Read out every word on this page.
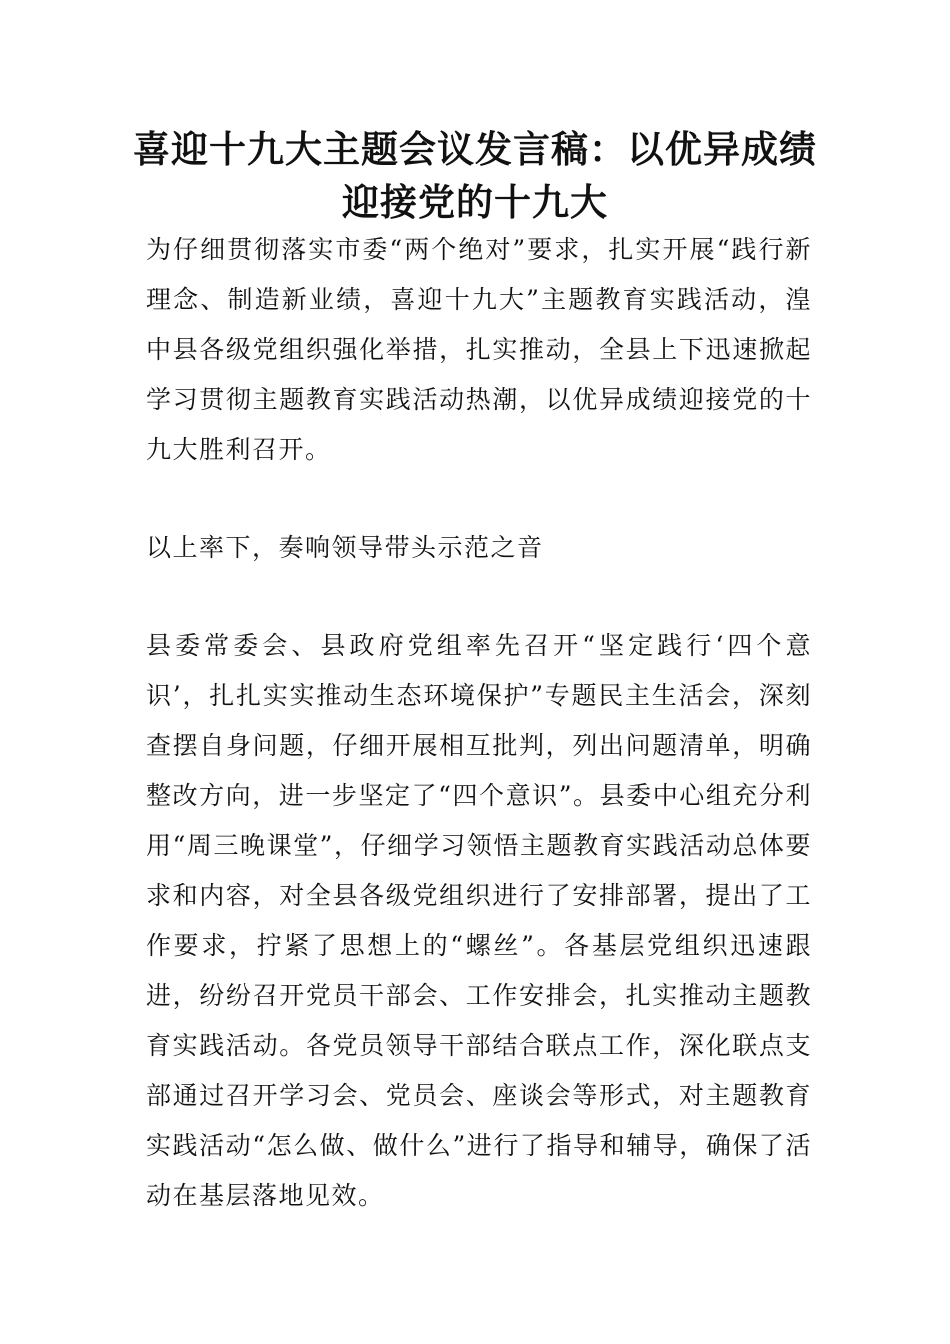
喜迎十九大主题会议发言稿：以优异成绩迎接党的十九大

为仔细贯彻落实市委“两个绝对”要求，扎实开展“践行新理念、制造新业绩，喜迎十九大”主题教育实践活动，湟中县各级党组织强化举措，扎实推动，全县上下迅速掀起学习贯彻主题教育实践活动热潮，以优异成绩迎接党的十九大胜利召开。

以上率下，奏响领导带头示范之音

县委常委会、县政府党组率先召开“坚定践行‘四个意识’，扎扎实实推动生态环境保护”专题民主生活会，深刻查摆自身问题，仔细开展相互批判，列出问题清单，明确整改方向，进一步坚定了“四个意识”。县委中心组充分利用“周三晚课堂”，仔细学习领悟主题教育实践活动总体要求和内容，对全县各级党组织进行了安排部署，提出了工作要求，拧紧了思想上的“螺丝”。各基层党组织迅速跟进，纷纷召开党员干部会、工作安排会，扎实推动主题教育实践活动。各党员领导干部结合联点工作，深化联点支部通过召开学习会、党员会、座谈会等形式，对主题教育实践活动“怎么做、做什么”进行了指导和辅导，确保了活动在基层落地见效。
